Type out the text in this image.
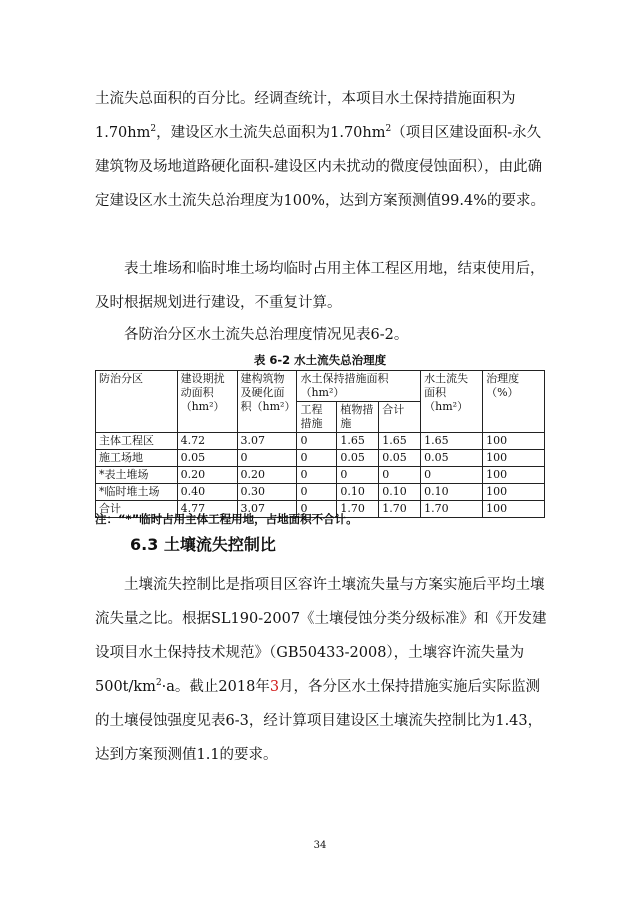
土流失总面积的百分比。经调查统计，本项目水土保持措施面积为$1.70hm^2$，建设区水土流失总面积为$1.70hm^2$（项目区建设面积-永久建筑物及场地道路硬化面积-建设区内未扰动的微度侵蚀面积），由此确定建设区水土流失总治理度为100%，达到方案预测值99.4%的要求。

表土堆场和临时堆土场均临时占用主体工程区用地，结束使用后，及时根据规划进行建设，不重复计算。

各防治分区水土流失总治理度情况见表6-2。

表 6-2 水土流失总治理度
防治分区	建设期扰动面积（hm²）	建构筑物及硬化面积（hm²）	水土保持措施面积（hm²）			水土流失面积（hm²）	治理度（%）
			工程措施	植物措施	合计		
主体工程区	4.72	3.07	0	1.65	1.65	1.65	100
施工场地	0.05	0	0	0.05	0.05	0.05	100
*表土堆场	0.20	0.20	0	0	0	0	100
*临时堆土场	0.40	0.30	0	0.10	0.10	0.10	100
合计	4.77	3.07	0	1.70	1.70	1.70	100
注：“*”临时占用主体工程用地，占地面积不合计。
6.3 土壤流失控制比

土壤流失控制比是指项目区容许土壤流失量与方案实施后平均土壤流失量之比。根据SL190-2007《土壤侵蚀分类分级标准》和《开发建设项目水土保持技术规范》（GB50433-2008），土壤容许流失量为$500t/km^2\cdot a$。截止2018年3月，各分区水土保持措施实施后实际监测的土壤侵蚀强度见表6-3，经计算项目建设区土壤流失控制比为1.43，达到方案预测值1.1的要求。

34
